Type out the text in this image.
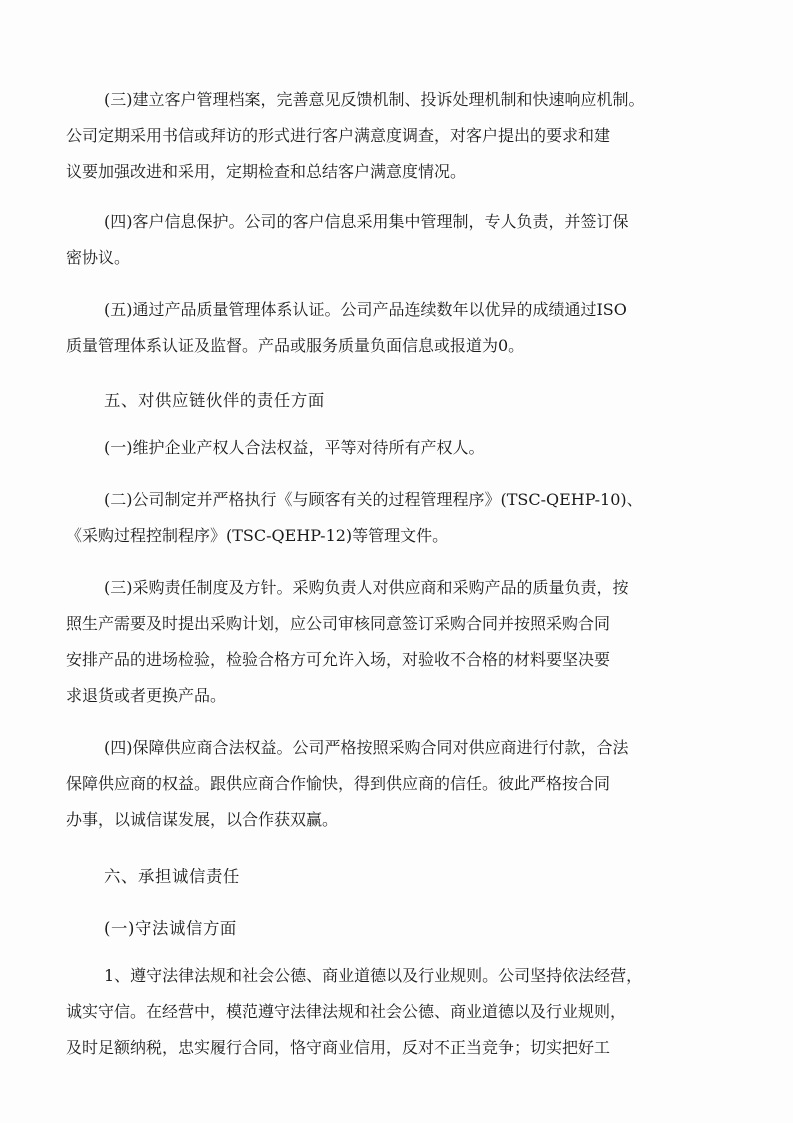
(三)建立客户管理档案，完善意见反馈机制、投诉处理机制和快速响应机制。
公司定期采用书信或拜访的形式进行客户满意度调查，对客户提出的要求和建
议要加强改进和采用，定期检查和总结客户满意度情况。
(四)客户信息保护。公司的客户信息采用集中管理制，专人负责，并签订保
密协议。
(五)通过产品质量管理体系认证。公司产品连续数年以优异的成绩通过ISO
质量管理体系认证及监督。产品或服务质量负面信息或报道为0。
五、对供应链伙伴的责任方面
(一)维护企业产权人合法权益，平等对待所有产权人。
(二)公司制定并严格执行《与顾客有关的过程管理程序》(TSC-QEHP-10)、
《采购过程控制程序》(TSC-QEHP-12)等管理文件。
(三)采购责任制度及方针。采购负责人对供应商和采购产品的质量负责，按
照生产需要及时提出采购计划，应公司审核同意签订采购合同并按照采购合同
安排产品的进场检验，检验合格方可允许入场，对验收不合格的材料要坚决要
求退货或者更换产品。
(四)保障供应商合法权益。公司严格按照采购合同对供应商进行付款，合法
保障供应商的权益。跟供应商合作愉快，得到供应商的信任。彼此严格按合同
办事，以诚信谋发展，以合作获双赢。
六、承担诚信责任
(一)守法诚信方面
1、遵守法律法规和社会公德、商业道德以及行业规则。公司坚持依法经营，
诚实守信。在经营中，模范遵守法律法规和社会公德、商业道德以及行业规则，
及时足额纳税，忠实履行合同，恪守商业信用，反对不正当竞争；切实把好工
